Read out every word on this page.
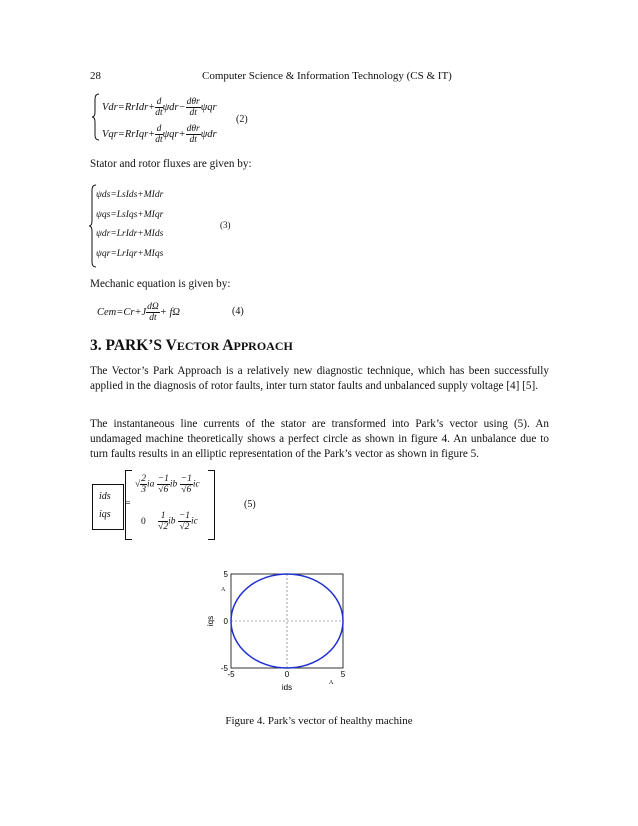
28	Computer Science & Information Technology (CS & IT)
Vdr=RrIdr+ $\frac{d}{dt} \psi dr- \frac{\text{dθr}}{dt}$ ψqr
Vqr=RrIqr+ $\frac{d}{dt} \psi qr+ \frac{\text{dθr}}{dt}$ ψdr
(2)
Stator and rotor fluxes are given by:
ψds=LsIds+MIdr
ψqs=LsIqs+MIqr
ψdr=LrIdr+MIds
ψqr=LrIqr+MIqs
(3)
Mechanic equation is given by:
$Cem=Cr+J \frac{d\Omega}{dt} + f\Omega$	(4)
3. PARK’S VECTOR APPROACH
The Vector’s Park Approach is a relatively new diagnostic technique, which has been successfully applied in the diagnosis of rotor faults, inter turn stator faults and unbalanced supply voltage [4] [5].
The instantaneous line currents of the stator are transformed into Park’s vector using (5). An undamaged machine theoretically shows a perfect circle as shown in figure 4. An unbalance due to turn faults results in an elliptic representation of the Park’s vector as shown in figure 5.
ids
iqs
=
√ $\frac{2}{3}$ ia $\frac{-1}{√6}$ ib $\frac{-1}{√6}$ ic
$0 \frac{1}{√2}$ ib $\frac{-1}{√2}$ ic
(5)
-5	0	5
-5
0
5
ids
iqs
A
A
Figure 4. Park’s vector of healthy machine
